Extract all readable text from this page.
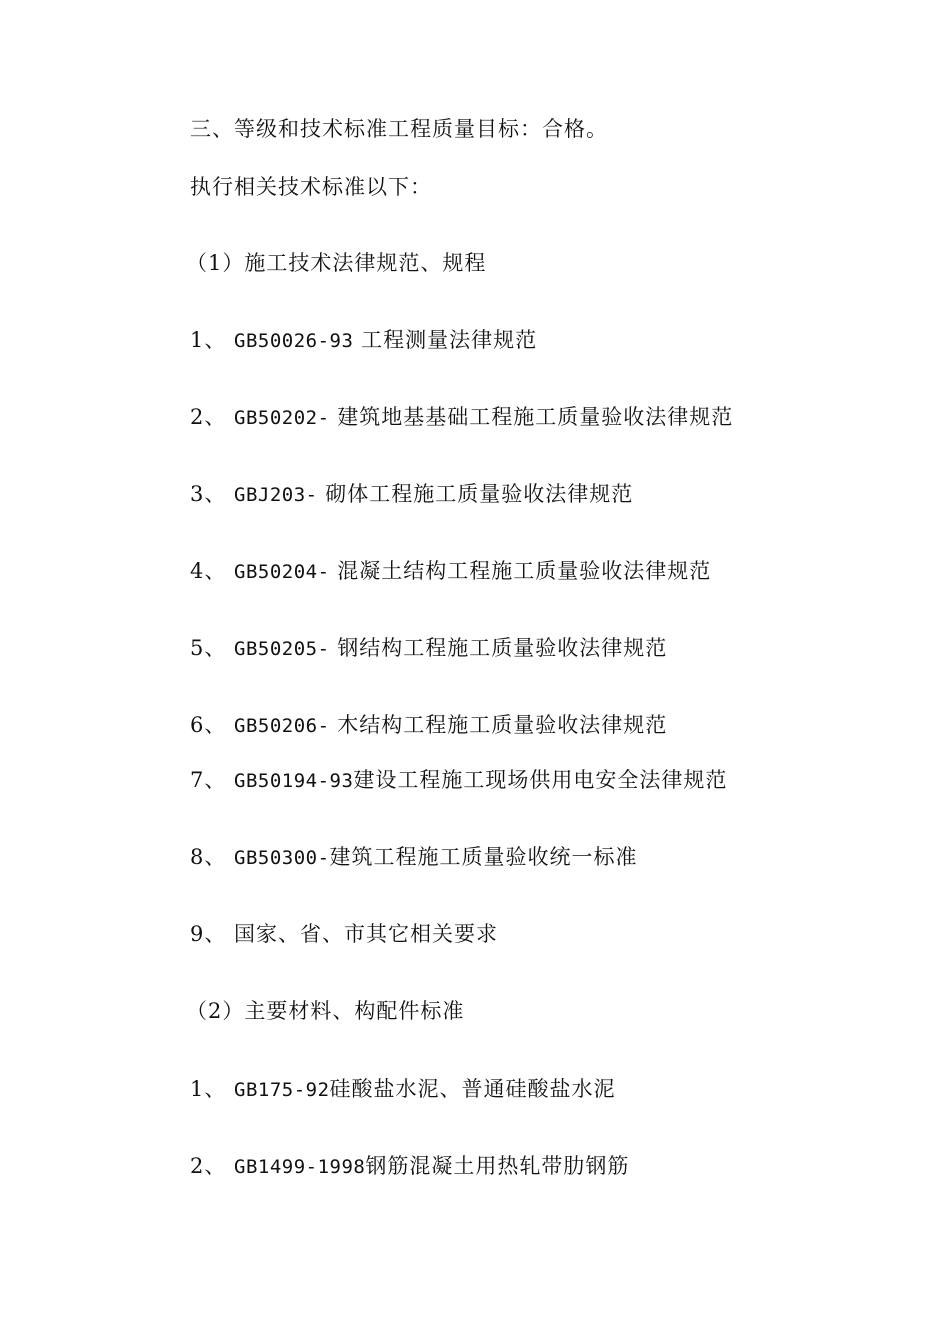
三、等级和技术标准工程质量目标：合格。
执行相关技术标准以下：
（1）施工技术法律规范、规程
1、 GB50026-93 工程测量法律规范
2、 GB50202- 建筑地基基础工程施工质量验收法律规范
3、 GBJ203- 砌体工程施工质量验收法律规范
4、 GB50204- 混凝土结构工程施工质量验收法律规范
5、 GB50205- 钢结构工程施工质量验收法律规范
6、 GB50206- 木结构工程施工质量验收法律规范
7、 GB50194-93建设工程施工现场供用电安全法律规范
8、 GB50300-建筑工程施工质量验收统一标准
9、 国家、省、市其它相关要求
（2）主要材料、构配件标准
1、 GB175-92硅酸盐水泥、普通硅酸盐水泥
2、 GB1499-1998钢筋混凝土用热轧带肋钢筋
